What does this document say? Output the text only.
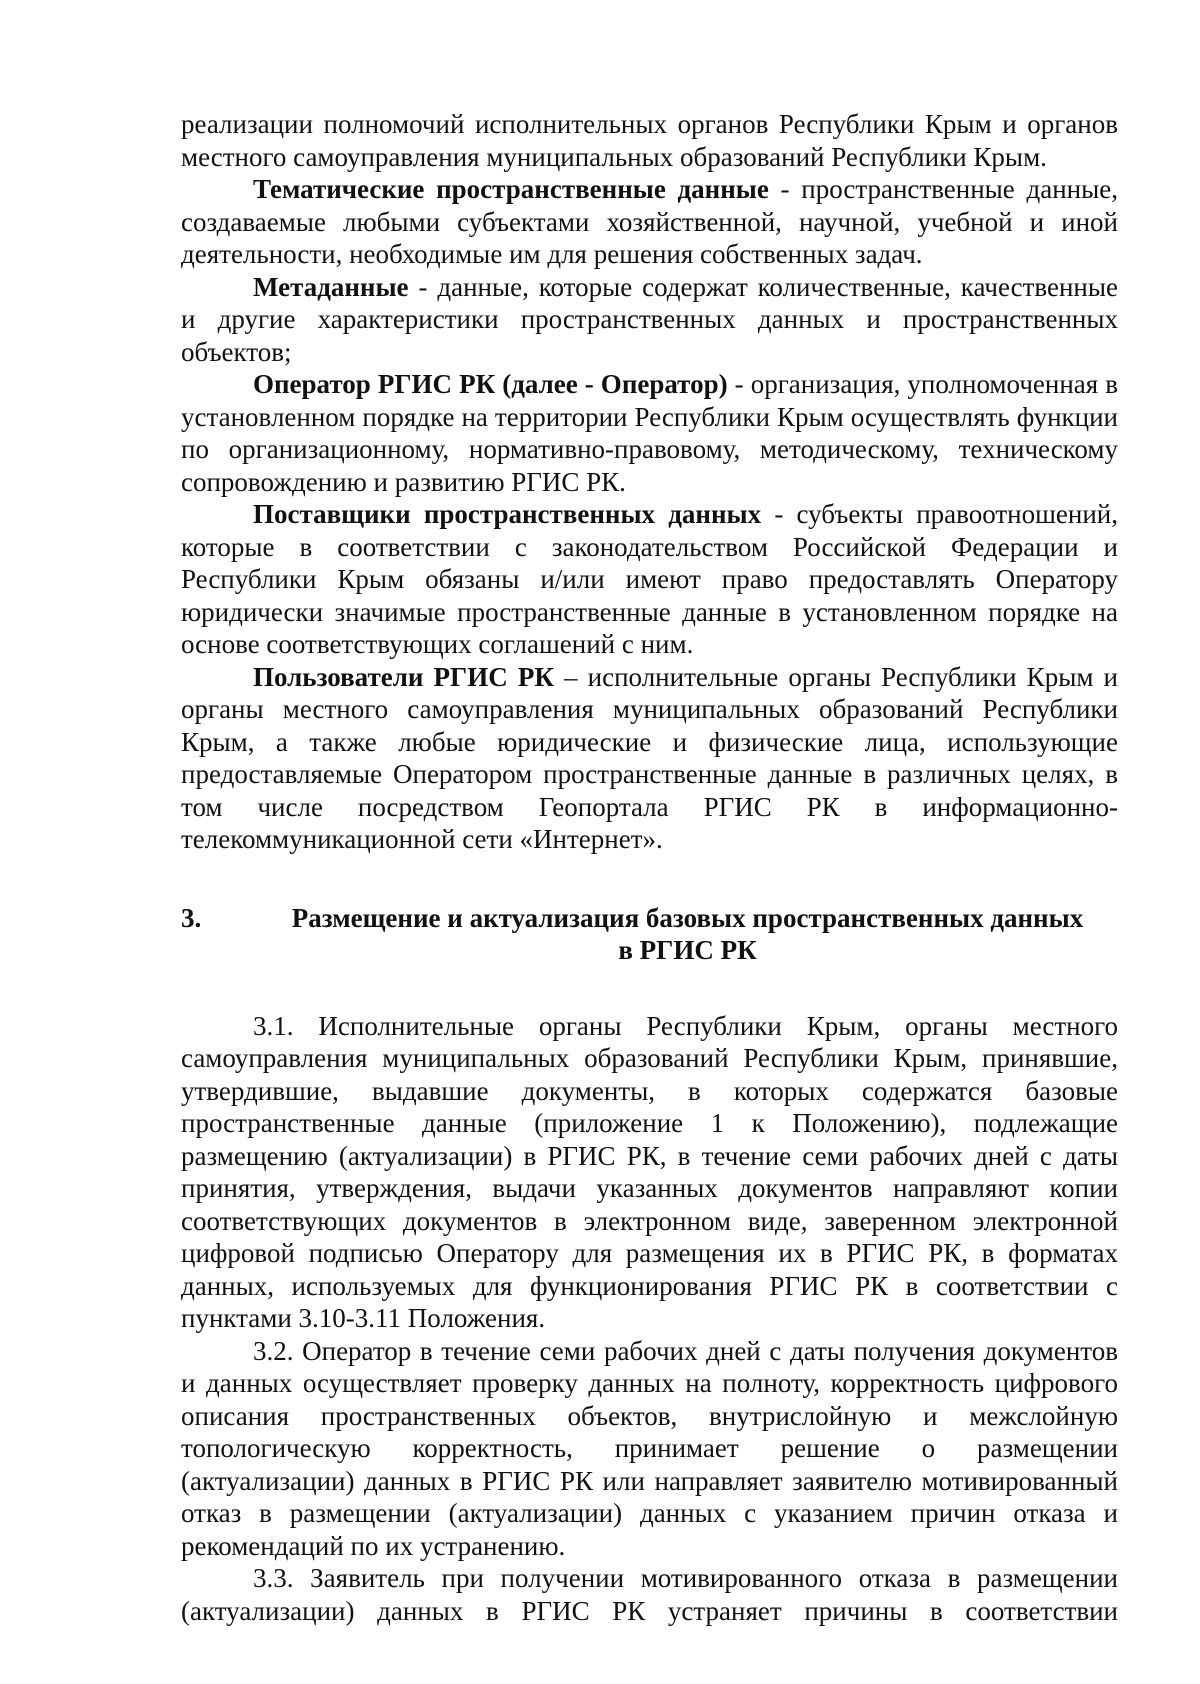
реализации полномочий исполнительных органов Республики Крым и органов местного самоуправления муниципальных образований Республики Крым.

Тематические пространственные данные - пространственные данные, создаваемые любыми субъектами хозяйственной, научной, учебной и иной деятельности, необходимые им для решения собственных задач.

Метаданные - данные, которые содержат количественные, качественные и другие характеристики пространственных данных и пространственных объектов;

Оператор РГИС РК (далее - Оператор) - организация, уполномоченная в установленном порядке на территории Республики Крым осуществлять функции по организационному, нормативно-правовому, методическому, техническому сопровождению и развитию РГИС РК.

Поставщики пространственных данных - субъекты правоотношений, которые в соответствии с законодательством Российской Федерации и Республики Крым обязаны и/или имеют право предоставлять Оператору юридически значимые пространственные данные в установленном порядке на основе соответствующих соглашений с ним.

Пользователи РГИС РК – исполнительные органы Республики Крым и органы местного самоуправления муниципальных образований Республики Крым, а также любые юридические и физические лица, использующие предоставляемые Оператором пространственные данные в различных целях, в том числе посредством Геопортала РГИС РК в информационно-телекоммуникационной сети «Интернет».

3.	Размещение и актуализация базовых пространственных данных
в РГИС РК

3.1. Исполнительные органы Республики Крым, органы местного самоуправления муниципальных образований Республики Крым, принявшие, утвердившие, выдавшие документы, в которых содержатся базовые пространственные данные (приложение 1 к Положению), подлежащие размещению (актуализации) в РГИС РК, в течение семи рабочих дней с даты принятия, утверждения, выдачи указанных документов направляют копии соответствующих документов в электронном виде, заверенном электронной цифровой подписью Оператору для размещения их в РГИС РК, в форматах данных, используемых для функционирования РГИС РК в соответствии с пунктами 3.10-3.11 Положения.

3.2. Оператор в течение семи рабочих дней с даты получения документов и данных осуществляет проверку данных на полноту, корректность цифрового описания пространственных объектов, внутрислойную и межслойную топологическую корректность, принимает решение о размещении (актуализации) данных в РГИС РК или направляет заявителю мотивированный отказ в размещении (актуализации) данных с указанием причин отказа и рекомендаций по их устранению.

3.3. Заявитель при получении мотивированного отказа в размещении (актуализации) данных в РГИС РК устраняет причины в соответствии
